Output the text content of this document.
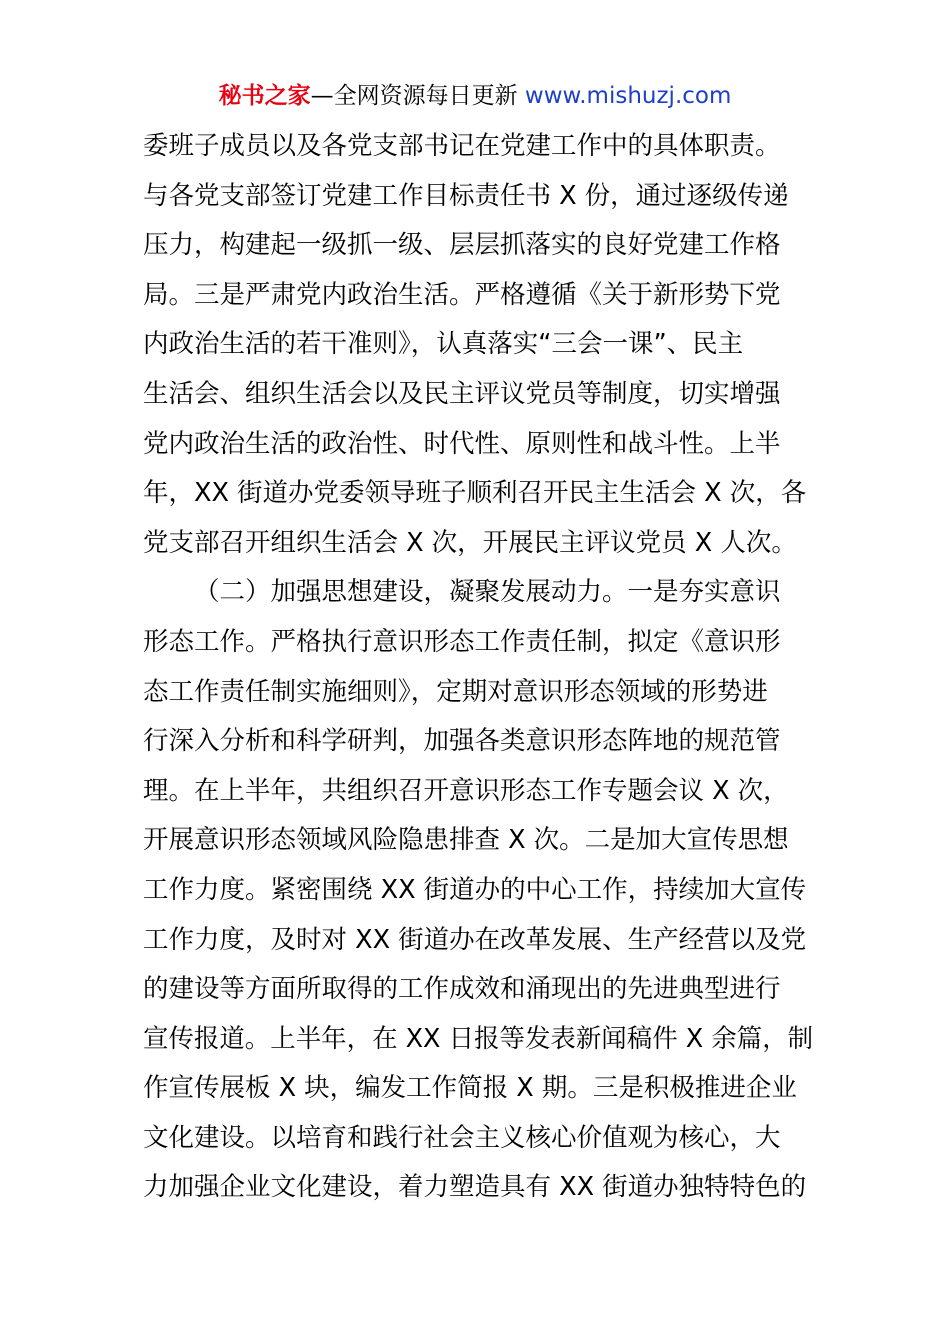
秘书之家—全网资源每日更新 www.mishuzj.com
委班子成员以及各党支部书记在党建工作中的具体职责。
与各党支部签订党建工作目标责任书 X 份，通过逐级传递
压力，构建起一级抓一级、层层抓落实的良好党建工作格
局。三是严肃党内政治生活。严格遵循《关于新形势下党
内政治生活的若干准则》，认真落实“三会一课”、民主
生活会、组织生活会以及民主评议党员等制度，切实增强
党内政治生活的政治性、时代性、原则性和战斗性。上半
年，XX 街道办党委领导班子顺利召开民主生活会 X 次，各
党支部召开组织生活会 X 次，开展民主评议党员 X 人次。
（二）加强思想建设，凝聚发展动力。一是夯实意识
形态工作。严格执行意识形态工作责任制，拟定《意识形
态工作责任制实施细则》，定期对意识形态领域的形势进
行深入分析和科学研判，加强各类意识形态阵地的规范管
理。在上半年，共组织召开意识形态工作专题会议 X 次，
开展意识形态领域风险隐患排查 X 次。二是加大宣传思想
工作力度。紧密围绕 XX 街道办的中心工作，持续加大宣传
工作力度，及时对 XX 街道办在改革发展、生产经营以及党
的建设等方面所取得的工作成效和涌现出的先进典型进行
宣传报道。上半年，在 XX 日报等发表新闻稿件 X 余篇，制
作宣传展板 X 块，编发工作简报 X 期。三是积极推进企业
文化建设。以培育和践行社会主义核心价值观为核心，大
力加强企业文化建设，着力塑造具有 XX 街道办独特特色的
